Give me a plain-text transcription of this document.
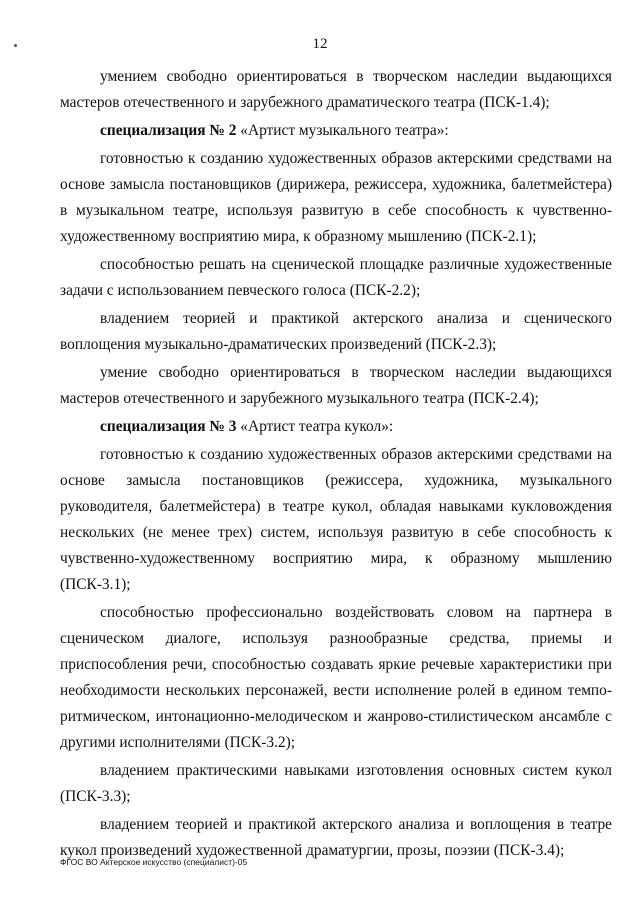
12

умением свободно ориентироваться в творческом наследии выдающихся мастеров отечественного и зарубежного драматического театра (ПСК-1.4);

специализация № 2 «Артист музыкального театра»:

готовностью к созданию художественных образов актерскими средствами на основе замысла постановщиков (дирижера, режиссера, художника, балетмейстера) в музыкальном театре, используя развитую в себе способность к чувственно-художественному восприятию мира, к образному мышлению (ПСК-2.1);

способностью решать на сценической площадке различные художественные задачи с использованием певческого голоса (ПСК-2.2);

владением теорией и практикой актерского анализа и сценического воплощения музыкально-драматических произведений (ПСК-2.3);

умение свободно ориентироваться в творческом наследии выдающихся мастеров отечественного и зарубежного музыкального театра (ПСК-2.4);

специализация № 3 «Артист театра кукол»:

готовностью к созданию художественных образов актерскими средствами на основе замысла постановщиков (режиссера, художника, музыкального руководителя, балетмейстера) в театре кукол, обладая навыками кукловождения нескольких (не менее трех) систем, используя развитую в себе способность к чувственно-художественному восприятию мира, к образному мышлению (ПСК-3.1);

способностью профессионально воздействовать словом на партнера в сценическом диалоге, используя разнообразные средства, приемы и приспособления речи, способностью создавать яркие речевые характеристики при необходимости нескольких персонажей, вести исполнение ролей в едином темпо-ритмическом, интонационно-мелодическом и жанрово-стилистическом ансамбле с другими исполнителями (ПСК-3.2);

владением практическими навыками изготовления основных систем кукол (ПСК-3.3);

владением теорией и практикой актерского анализа и воплощения в театре кукол произведений художественной драматургии, прозы, поэзии (ПСК-3.4);

ФГОС ВО Актерское искусство (специалист)-05
